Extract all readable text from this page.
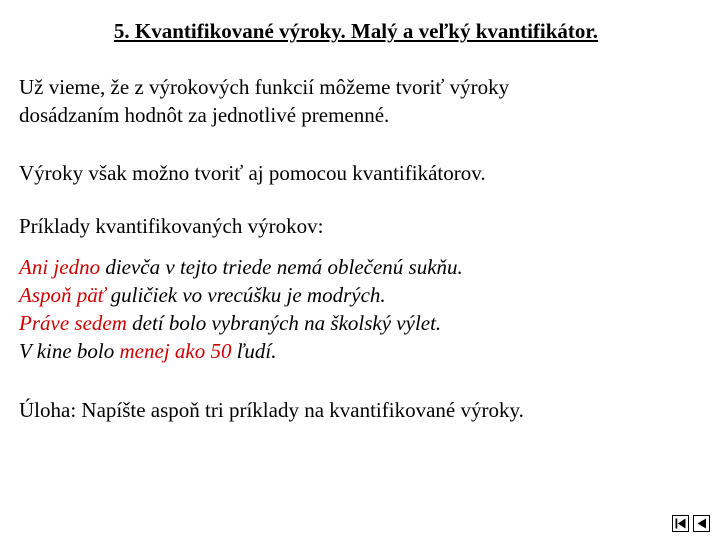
5. Kvantifikované výroky. Malý a veľký kvantifikátor.

Už vieme, že z výrokových funkcií môžeme tvoriť výroky
dosádzaním hodnôt za jednotlivé premenné.

Výroky však možno tvoriť aj pomocou kvantifikátorov.

Príklady kvantifikovaných výrokov:

Ani jedno dievča v tejto triede nemá oblečenú sukňu.
Aspoň päť guličiek vo vrecúšku je modrých.
Práve sedem detí bolo vybraných na školský výlet.
V kine bolo menej ako 50 ľudí.

Úloha: Napíšte aspoň tri príklady na kvantifikované výroky.
